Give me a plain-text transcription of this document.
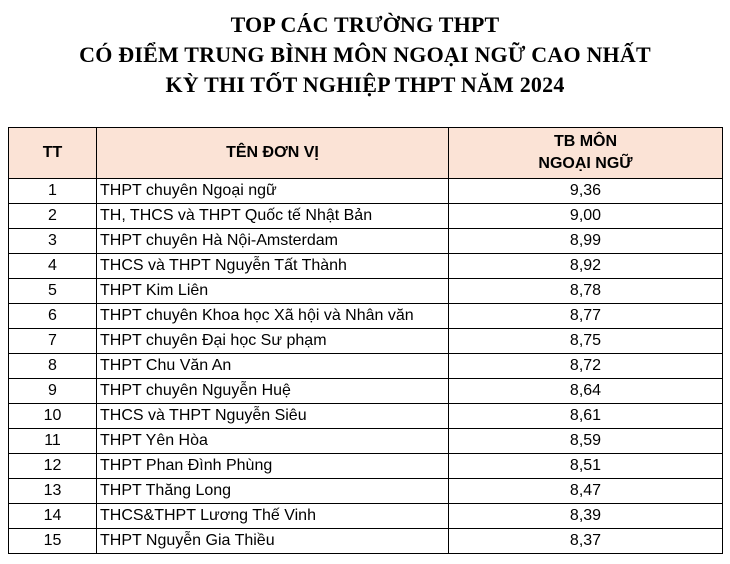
TOP CÁC TRƯỜNG THPT
CÓ ĐIỂM TRUNG BÌNH MÔN NGOẠI NGỮ CAO NHẤT
KỲ THI TỐT NGHIỆP THPT NĂM 2024
TT	TÊN ĐƠN VỊ	TB MÔN
NGOẠI NGỮ

1	THPT chuyên Ngoại ngữ	9,36
2	TH, THCS và THPT Quốc tế Nhật Bản	9,00
3	THPT chuyên Hà Nội-Amsterdam	8,99
4	THCS và THPT Nguyễn Tất Thành	8,92
5	THPT Kim Liên	8,78
6	THPT chuyên Khoa học Xã hội và Nhân văn	8,77
7	THPT chuyên Đại học Sư phạm	8,75
8	THPT Chu Văn An	8,72
9	THPT chuyên Nguyễn Huệ	8,64
10	THCS và THPT Nguyễn Siêu	8,61
11	THPT Yên Hòa	8,59
12	THPT Phan Đình Phùng	8,51
13	THPT Thăng Long	8,47
14	THCS&THPT Lương Thế Vinh	8,39
15	THPT Nguyễn Gia Thiều	8,37
